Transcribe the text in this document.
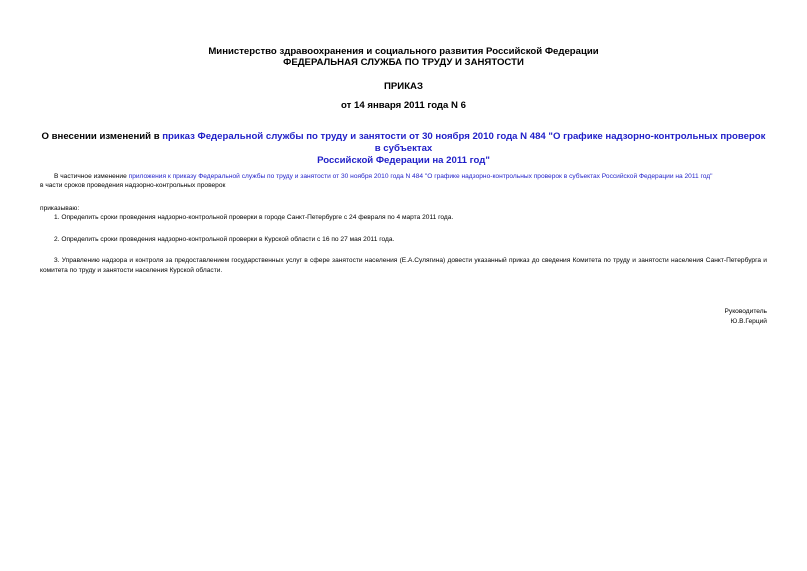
Министерство здравоохранения и социального развития Российской Федерации
ФЕДЕРАЛЬНАЯ СЛУЖБА ПО ТРУДУ И ЗАНЯТОСТИ
ПРИКАЗ
от 14 января 2011 года N 6
О внесении изменений в приказ Федеральной службы по труду и занятости от 30 ноября 2010 года N 484 "О графике надзорно-контрольных проверок в субъектах
Российской Федерации на 2011 год"
В частичное изменение приложения к приказу Федеральной службы по труду и занятости от 30 ноября 2010 года N 484 "О графике надзорно-контрольных проверок в субъектах Российской Федерации на 2011 год"
в части сроков проведения надзорно-контрольных проверок
приказываю:
1. Определить сроки проведения надзорно-контрольной проверки в городе Санкт-Петербурге с 24 февраля по 4 марта 2011 года.
2. Определить сроки проведения надзорно-контрольной проверки в Курской области с 16 по 27 мая 2011 года.
3. Управлению надзора и контроля за предоставлением государственных услуг в сфере занятости населения (Е.А.Сулягина) довести указанный приказ до сведения Комитета по труду и занятости населения Санкт-Петербурга и комитета по труду и занятости населения Курской области.
Руководитель
Ю.В.Герций
